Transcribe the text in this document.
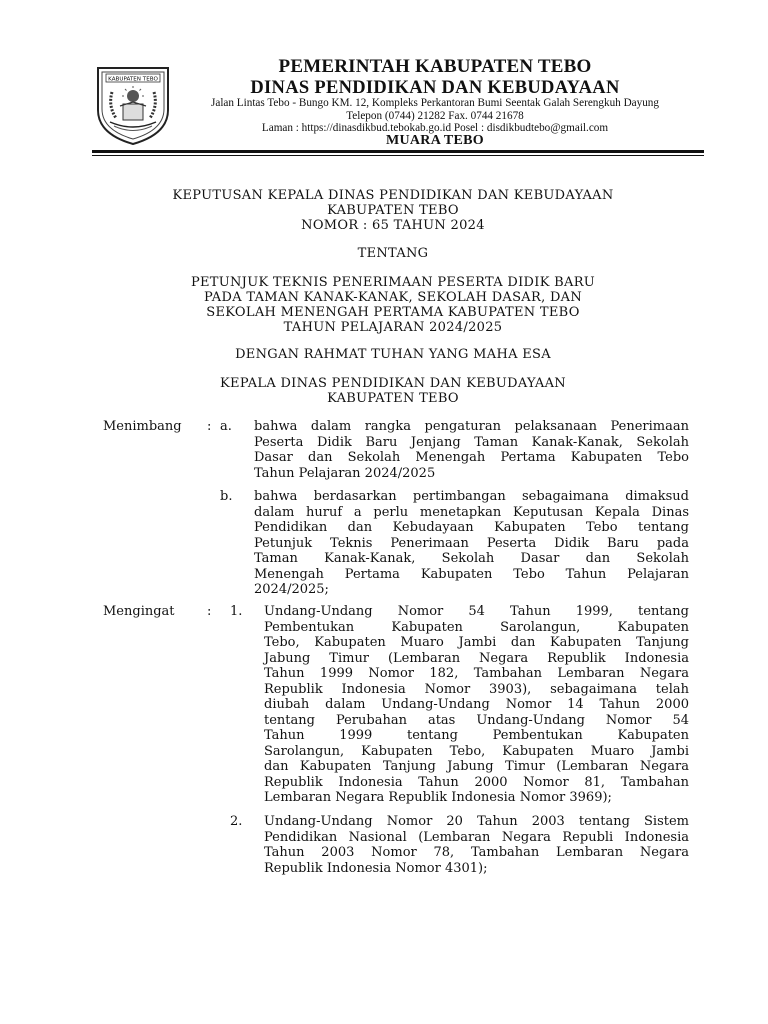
KABUPATEN TEBO
PEMERINTAH KABUPATEN TEBO
DINAS PENDIDIKAN DAN KEBUDAYAAN
Jalan Lintas Tebo - Bungo KM. 12, Kompleks Perkantoran Bumi Seentak Galah Serengkuh Dayung
Telepon (0744) 21282 Fax. 0744 21678
Laman : https://dinasdikbud.tebokab.go.id Posel : disdikbudtebo@gmail.com
MUARA TEBO
KEPUTUSAN KEPALA DINAS PENDIDIKAN DAN KEBUDAYAAN
KABUPATEN TEBO
NOMOR : 65 TAHUN 2024
TENTANG
PETUNJUK TEKNIS PENERIMAAN PESERTA DIDIK BARU
PADA TAMAN KANAK-KANAK, SEKOLAH DASAR, DAN
SEKOLAH MENENGAH PERTAMA KABUPATEN TEBO
TAHUN PELAJARAN 2024/2025
DENGAN RAHMAT TUHAN YANG MAHA ESA
KEPALA DINAS PENDIDIKAN DAN KEBUDAYAAN
KABUPATEN TEBO
Menimbang : a. bahwa dalam rangka pengaturan pelaksanaan Penerimaan
Peserta Didik Baru Jenjang Taman Kanak-Kanak, Sekolah
Dasar dan Sekolah Menengah Pertama Kabupaten Tebo
Tahun Pelajaran 2024/2025
b. bahwa berdasarkan pertimbangan sebagaimana dimaksud
dalam huruf a perlu menetapkan Keputusan Kepala Dinas
Pendidikan dan Kebudayaan Kabupaten Tebo tentang
Petunjuk Teknis Penerimaan Peserta Didik Baru pada
Taman Kanak-Kanak, Sekolah Dasar dan Sekolah
Menengah Pertama Kabupaten Tebo Tahun Pelajaran
2024/2025;
Mengingat : 1. Undang-Undang Nomor 54 Tahun 1999, tentang
Pembentukan Kabupaten Sarolangun, Kabupaten
Tebo, Kabupaten Muaro Jambi dan Kabupaten Tanjung
Jabung Timur (Lembaran Negara Republik Indonesia
Tahun 1999 Nomor 182, Tambahan Lembaran Negara
Republik Indonesia Nomor 3903), sebagaimana telah
diubah dalam Undang-Undang Nomor 14 Tahun 2000
tentang Perubahan atas Undang-Undang Nomor 54
Tahun 1999 tentang Pembentukan Kabupaten
Sarolangun, Kabupaten Tebo, Kabupaten Muaro Jambi
dan Kabupaten Tanjung Jabung Timur (Lembaran Negara
Republik Indonesia Tahun 2000 Nomor 81, Tambahan
Lembaran Negara Republik Indonesia Nomor 3969);
2. Undang-Undang Nomor 20 Tahun 2003 tentang Sistem
Pendidikan Nasional (Lembaran Negara Republi Indonesia
Tahun 2003 Nomor 78, Tambahan Lembaran Negara
Republik Indonesia Nomor 4301);
